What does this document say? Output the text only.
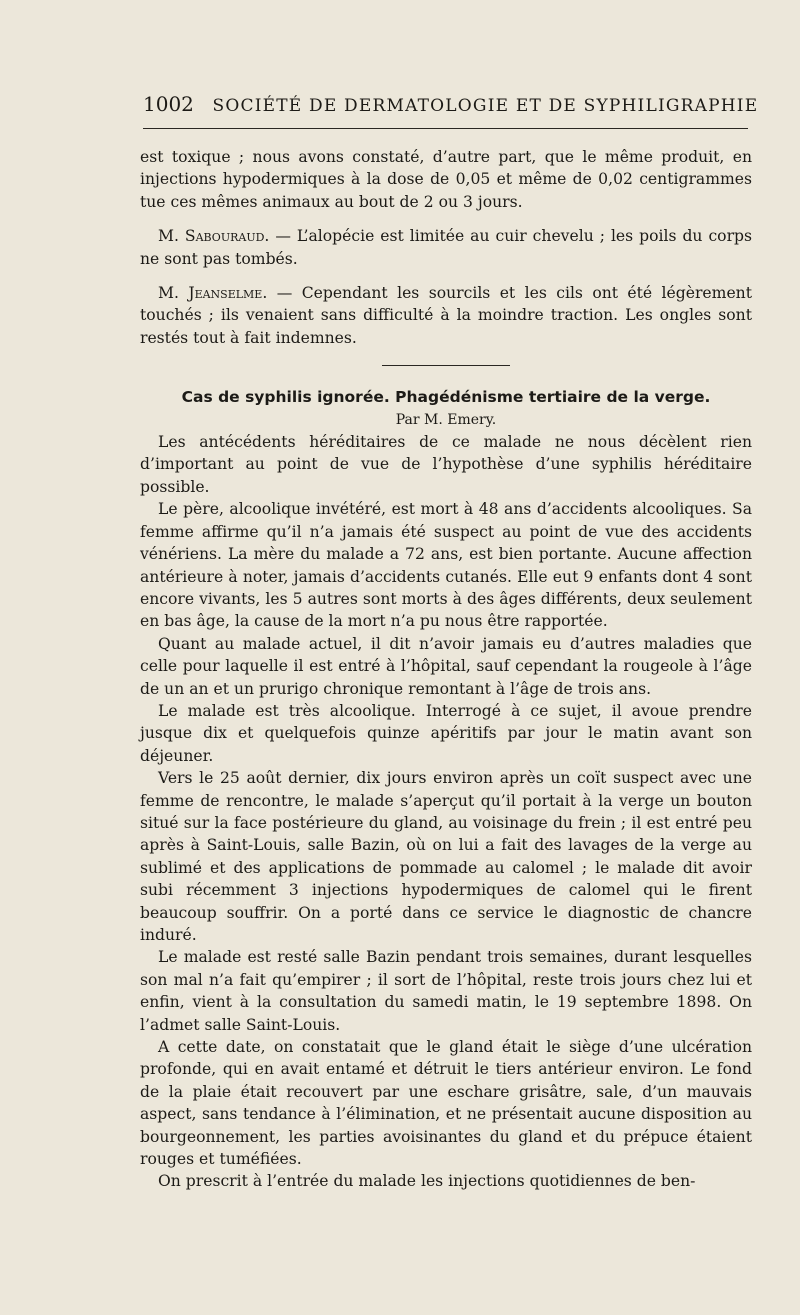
1002 SOCIÉTÉ DE DERMATOLOGIE ET DE SYPHILIGRAPHIE

est toxique ; nous avons constaté, d’autre part, que le même produit, en injections hypodermiques à la dose de 0,05 et même de 0,02 centigrammes tue ces mêmes animaux au bout de 2 ou 3 jours.

M. Sabouraud. — L’alopécie est limitée au cuir chevelu ; les poils du corps ne sont pas tombés.

M. Jeanselme. — Cependant les sourcils et les cils ont été légèrement touchés ; ils venaient sans difficulté à la moindre traction. Les ongles sont restés tout à fait indemnes.

Cas de syphilis ignorée. Phagédénisme tertiaire de la verge.

Par M. Emery.

Les antécédents héréditaires de ce malade ne nous décèlent rien d’important au point de vue de l’hypothèse d’une syphilis héréditaire possible.

Le père, alcoolique invétéré, est mort à 48 ans d’accidents alcooliques. Sa femme affirme qu’il n’a jamais été suspect au point de vue des accidents vénériens. La mère du malade a 72 ans, est bien portante. Aucune affection antérieure à noter, jamais d’accidents cutanés. Elle eut 9 enfants dont 4 sont encore vivants, les 5 autres sont morts à des âges différents, deux seulement en bas âge, la cause de la mort n’a pu nous être rapportée.

Quant au malade actuel, il dit n’avoir jamais eu d’autres maladies que celle pour laquelle il est entré à l’hôpital, sauf cependant la rougeole à l’âge de un an et un prurigo chronique remontant à l’âge de trois ans.

Le malade est très alcoolique. Interrogé à ce sujet, il avoue prendre jusque dix et quelquefois quinze apéritifs par jour le matin avant son déjeuner.

Vers le 25 août dernier, dix jours environ après un coït suspect avec une femme de rencontre, le malade s’aperçut qu’il portait à la verge un bouton situé sur la face postérieure du gland, au voisinage du frein ; il est entré peu après à Saint-Louis, salle Bazin, où on lui a fait des lavages de la verge au sublimé et des applications de pommade au calomel ; le malade dit avoir subi récemment 3 injections hypodermiques de calomel qui le firent beaucoup souffrir. On a porté dans ce service le diagnostic de chancre induré.

Le malade est resté salle Bazin pendant trois semaines, durant lesquelles son mal n’a fait qu’empirer ; il sort de l’hôpital, reste trois jours chez lui et enfin, vient à la consultation du samedi matin, le 19 septembre 1898. On l’admet salle Saint-Louis.

A cette date, on constatait que le gland était le siège d’une ulcération profonde, qui en avait entamé et détruit le tiers antérieur environ. Le fond de la plaie était recouvert par une eschare grisâtre, sale, d’un mauvais aspect, sans tendance à l’élimination, et ne présentait aucune disposition au bourgeonnement, les parties avoisinantes du gland et du prépuce étaient rouges et tuméfiées.

On prescrit à l’entrée du malade les injections quotidiennes de ben-
